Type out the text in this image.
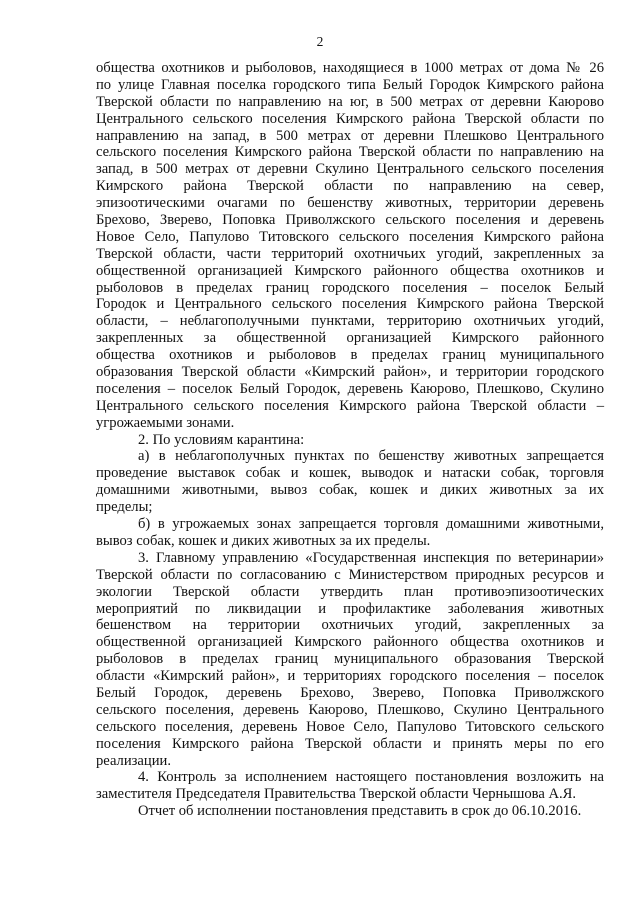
2
общества охотников и рыболовов, находящиеся в 1000 метрах от дома № 26
по улице Главная поселка городского типа Белый Городок Кимрского района
Тверской области по направлению на юг, в 500 метрах от деревни Каюрово
Центрального сельского поселения Кимрского района Тверской области по
направлению на запад, в 500 метрах от деревни Плешково Центрального
сельского поселения Кимрского района Тверской области по направлению на
запад, в 500 метрах от деревни Скулино Центрального сельского поселения
Кимрского района Тверской области по направлению на север,
эпизоотическими очагами по бешенству животных, территории деревень
Брехово, Зверево, Поповка Приволжского сельского поселения и деревень
Новое Село, Папулово Титовского сельского поселения Кимрского района
Тверской области, части территорий охотничьих угодий, закрепленных за
общественной организацией Кимрского районного общества охотников и
рыболовов в пределах границ городского поселения – поселок Белый
Городок и Центрального сельского поселения Кимрского района Тверской
области, – неблагополучными пунктами, территорию охотничьих угодий,
закрепленных за общественной организацией Кимрского районного
общества охотников и рыболовов в пределах границ муниципального
образования Тверской области «Кимрский район», и территории городского
поселения – поселок Белый Городок, деревень Каюрово, Плешково, Скулино
Центрального сельского поселения Кимрского района Тверской области –
угрожаемыми зонами.
2. По условиям карантина:
а) в неблагополучных пунктах по бешенству животных запрещается
проведение выставок собак и кошек, выводок и натаски собак, торговля
домашними животными, вывоз собак, кошек и диких животных за их
пределы;
б) в угрожаемых зонах запрещается торговля домашними животными,
вывоз собак, кошек и диких животных за их пределы.
3. Главному управлению «Государственная инспекция по ветеринарии»
Тверской области по согласованию с Министерством природных ресурсов и
экологии Тверской области утвердить план противоэпизоотических
мероприятий по ликвидации и профилактике заболевания животных
бешенством на территории охотничьих угодий, закрепленных за
общественной организацией Кимрского районного общества охотников и
рыболовов в пределах границ муниципального образования Тверской
области «Кимрский район», и территориях городского поселения – поселок
Белый Городок, деревень Брехово, Зверево, Поповка Приволжского
сельского поселения, деревень Каюрово, Плешково, Скулино Центрального
сельского поселения, деревень Новое Село, Папулово Титовского сельского
поселения Кимрского района Тверской области и принять меры по его
реализации.
4. Контроль за исполнением настоящего постановления возложить на
заместителя Председателя Правительства Тверской области Чернышова А.Я.
Отчет об исполнении постановления представить в срок до 06.10.2016.
